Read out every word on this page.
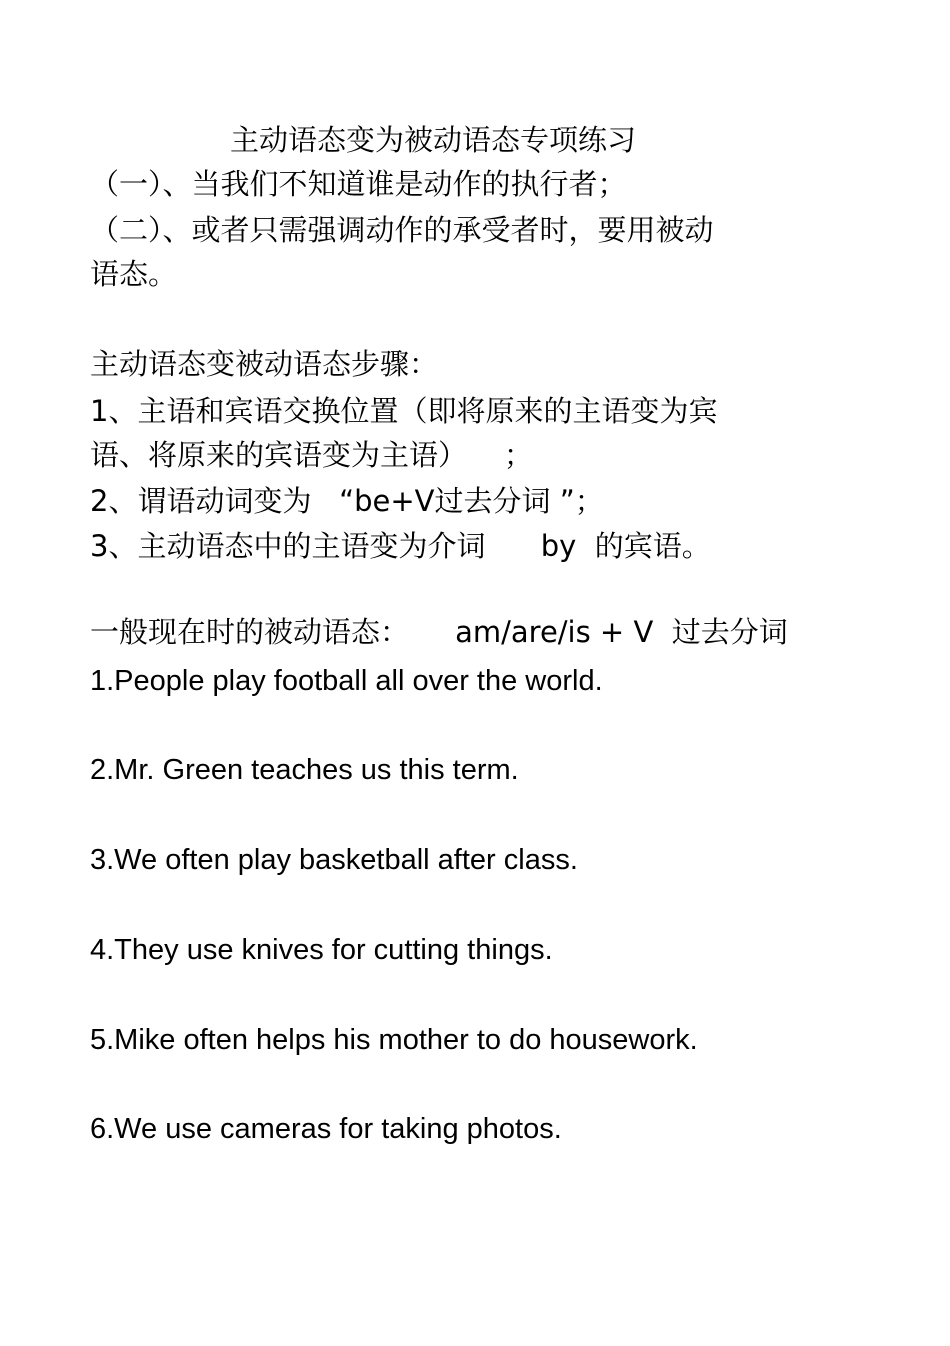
主动语态变为被动语态专项练习

（一）、当我们不知道谁是动作的执行者；

（二）、或者只需强调动作的承受者时，要用被动

语态。

主动语态变被动语态步骤：

1、主语和宾语交换位置（即将原来的主语变为宾

语、将原来的宾语变为主语）    ；

2、谓语动词变为   “be+V过去分词 ”；

3、主动语态中的主语变为介词      by  的宾语。

一般现在时的被动语态：     am/are/is + V  过去分词

1.People play football all over the world.

2.Mr. Green teaches us this term.

3.We often play basketball after class.

4.They use knives for cutting things.

5.Mike often helps his mother to do housework.

6.We use cameras for taking photos.
